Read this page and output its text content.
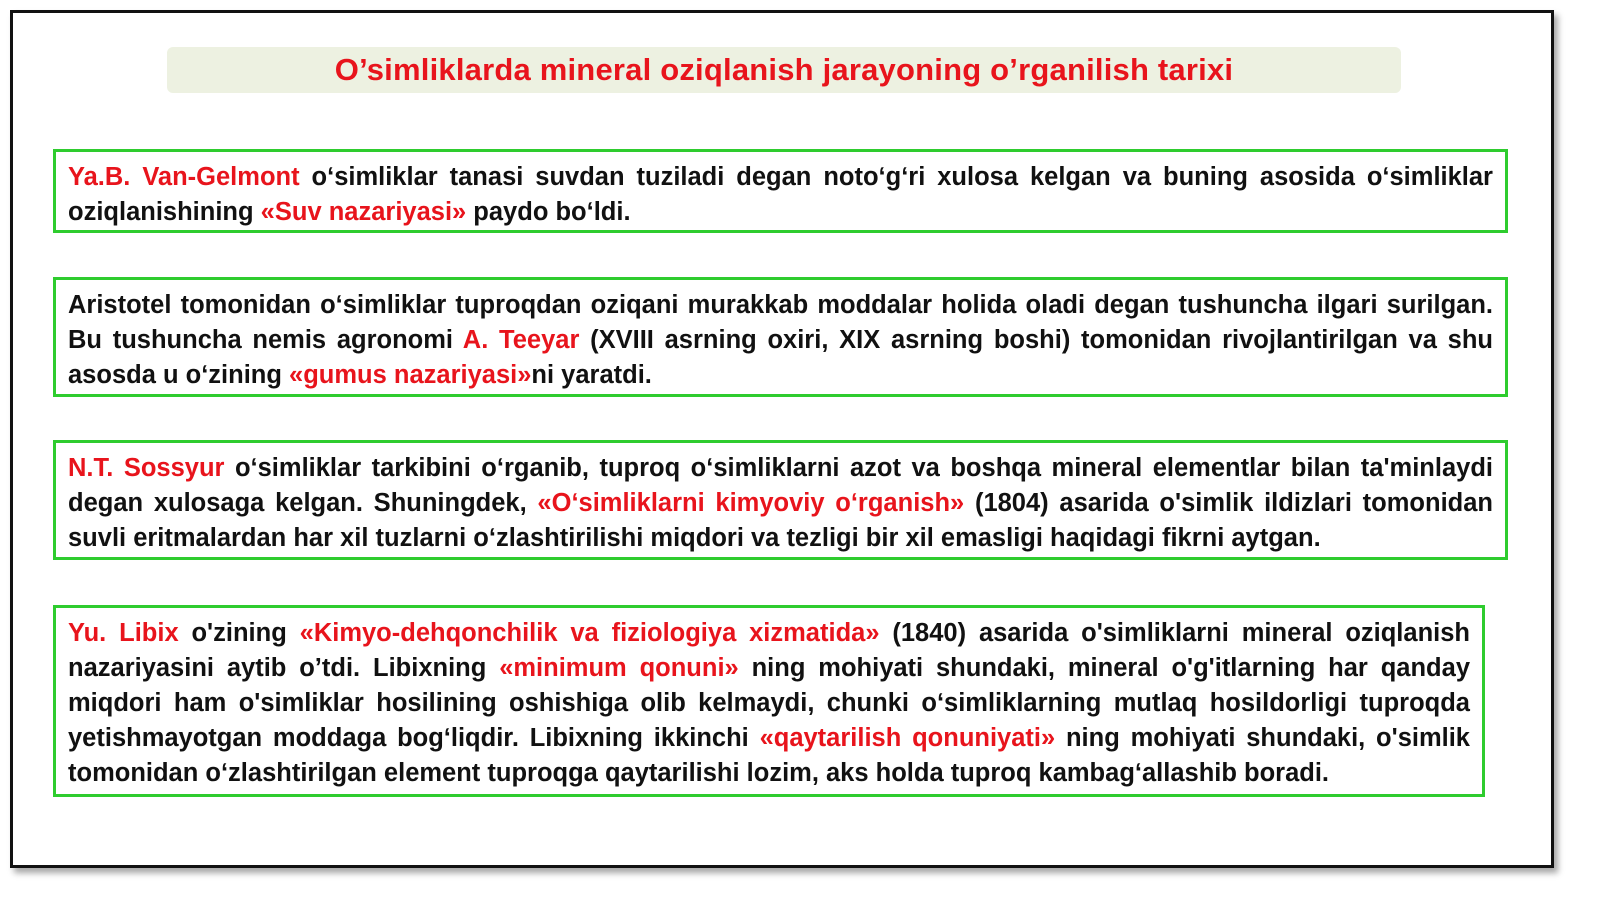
O’simliklarda mineral oziqlanish jarayoning o’rganilish tarixi
Ya.B. Van-Gelmont oʻsimliklar tanasi suvdan tuziladi degan notoʻgʻri xulosa kelgan va buning asosida oʻsimliklar oziqlanishining «Suv nazariyasi» paydo boʻldi.
Aristotel tomonidan oʻsimliklar tuproqdan oziqani murakkab moddalar holida oladi degan tushuncha ilgari surilgan. Bu tushuncha nemis agronomi A. Teeyar (XVIII asrning oxiri, XIX asrning boshi) tomonidan rivojlantirilgan va shu asosda u oʻzining «gumus nazariyasi»ni yaratdi.
N.T. Sossyur oʻsimliklar tarkibini oʻrganib, tuproq oʻsimliklarni azot va boshqa mineral elementlar bilan ta'minlaydi degan xulosaga kelgan. Shuningdek, «Oʻsimliklarni kimyoviy oʻrganish» (1804) asarida o'simlik ildizlari tomonidan suvli eritmalardan har xil tuzlarni oʻzlashtirilishi miqdori va tezligi bir xil emasligi haqidagi fikrni aytgan.
Yu. Libix o'zining «Kimyo-dehqonchilik va fiziologiya xizmatida» (1840) asarida o'simliklarni mineral oziqlanish nazariyasini aytib o’tdi. Libixning «minimum qonuni» ning mohiyati shundaki, mineral o'g'itlarning har qanday miqdori ham o'simliklar hosilining oshishiga olib kelmaydi, chunki oʻsimliklarning mutlaq hosildorligi tuproqda yetishmayotgan moddaga bogʻliqdir. Libixning ikkinchi «qaytarilish qonuniyati» ning mohiyati shundaki, o'simlik tomonidan oʻzlashtirilgan element tuproqga qaytarilishi lozim, aks holda tuproq kambagʻallashib boradi.
